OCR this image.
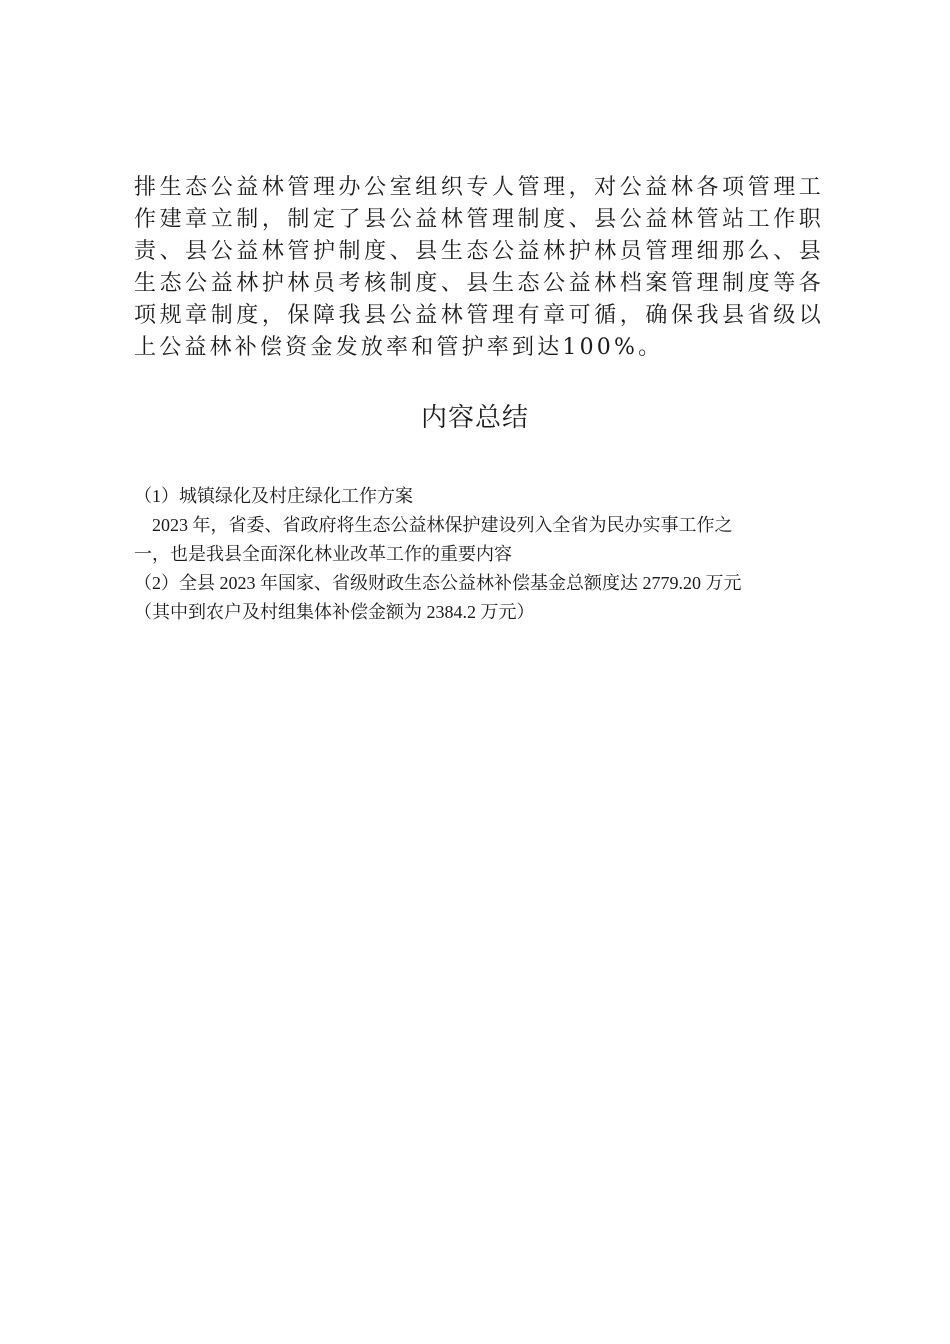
排生态公益林管理办公室组织专人管理，对公益林各项管理工作建章立制，制定了县公益林管理制度、县公益林管站工作职责、县公益林管护制度、县生态公益林护林员管理细那么、县生态公益林护林员考核制度、县生态公益林档案管理制度等各项规章制度，保障我县公益林管理有章可循，确保我县省级以上公益林补偿资金发放率和管护率到达100%。

内容总结
（1）城镇绿化及村庄绿化工作方案
2023 年，省委、省政府将生态公益林保护建设列入全省为民办实事工作之
一，也是我县全面深化林业改革工作的重要内容
（2）全县 2023 年国家、省级财政生态公益林补偿基金总额度达 2779.20 万元
（其中到农户及村组集体补偿金额为 2384.2 万元）
